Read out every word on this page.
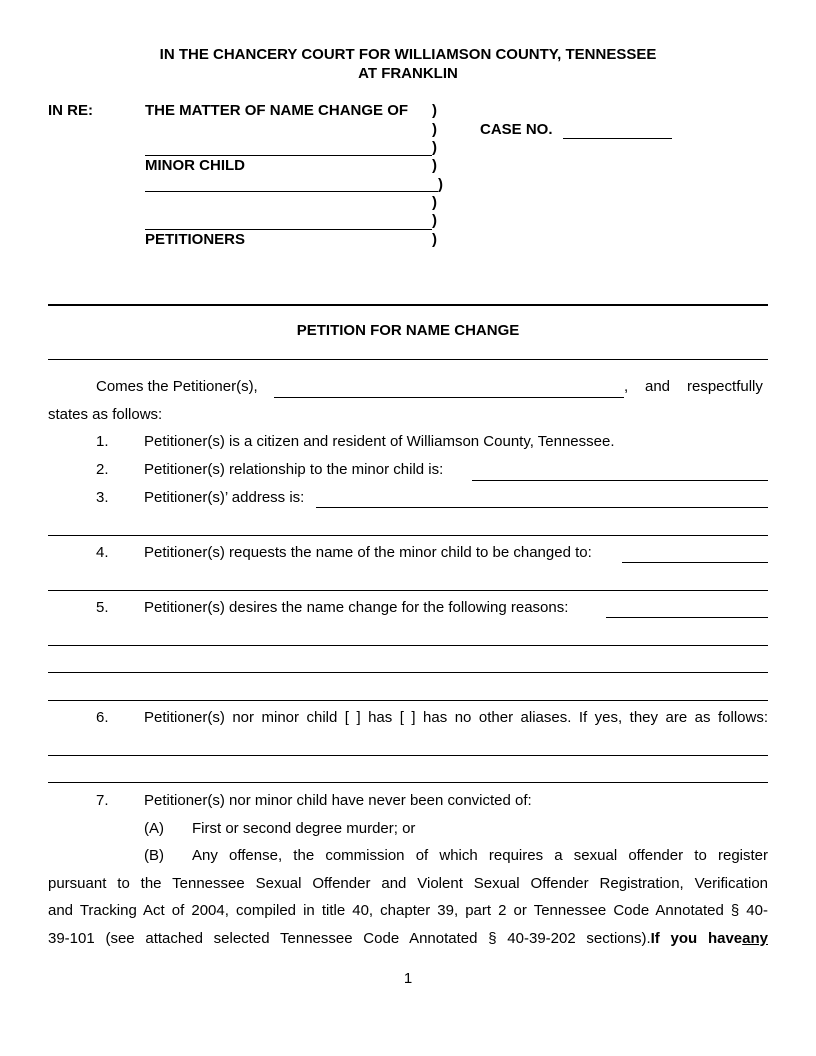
IN THE CHANCERY COURT FOR WILLIAMSON COUNTY, TENNESSEE
AT FRANKLIN
IN RE:	THE MATTER OF NAME CHANGE OF )
)
)
)
)
)
)
)
MINOR CHILD
PETITIONERS
CASE NO.
PETITION FOR NAME CHANGE
Comes the Petitioner(s),	, and respectfully
states as follows:
1. Petitioner(s) is a citizen and resident of Williamson County, Tennessee.
2. Petitioner(s) relationship to the minor child is:
3. Petitioner(s)’ address is:
4. Petitioner(s) requests the name of the minor child to be changed to:
5. Petitioner(s) desires the name change for the following reasons:
6. Petitioner(s) nor minor child [ ] has [ ] has no other aliases. If yes, they are as follows:
7. Petitioner(s) nor minor child have never been convicted of:
(A) First or second degree murder; or
(B) Any offense, the commission of which requires a sexual offender to register
pursuant to the Tennessee Sexual Offender and Violent Sexual Offender Registration, Verification
and Tracking Act of 2004, compiled in title 40, chapter 39, part 2 or Tennessee Code Annotated § 40-
39-101 (see attached selected Tennessee Code Annotated § 40-39-202 sections).If you haveany
1
